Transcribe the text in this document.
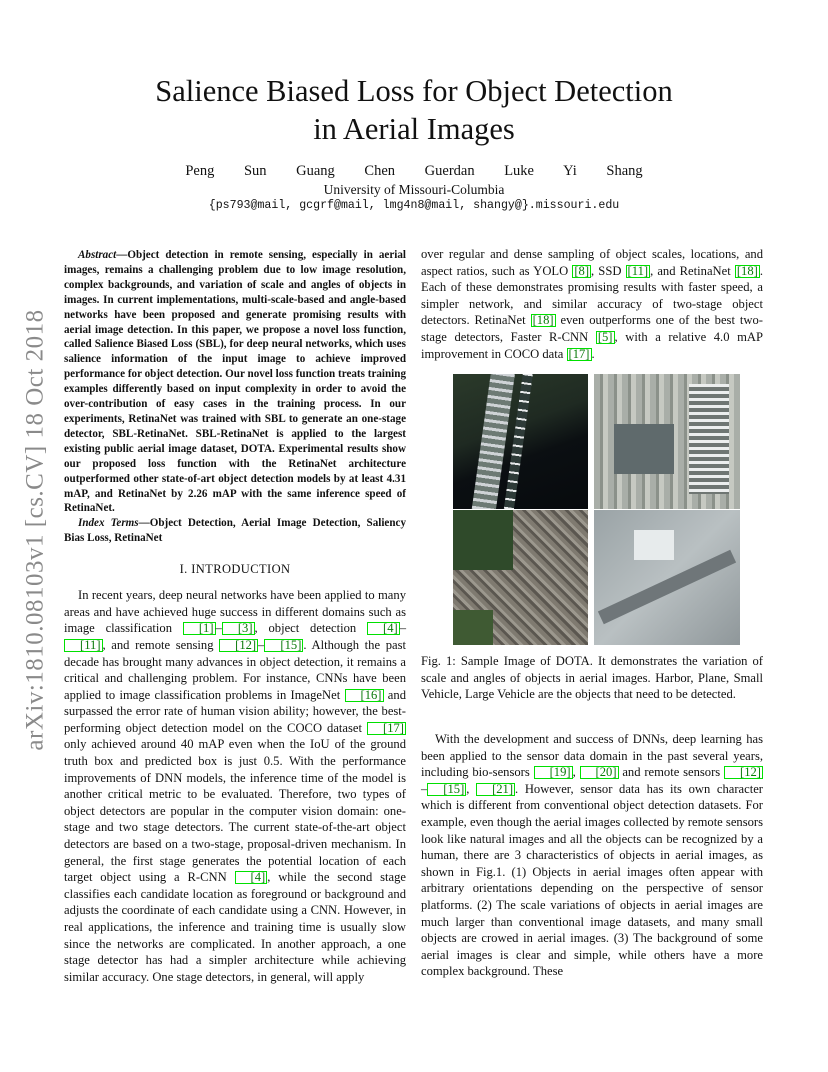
arXiv:1810.08103v1 [cs.CV] 18 Oct 2018
Salience Biased Loss for Object Detection
in Aerial Images
Peng Sun Guang Chen Guerdan Luke Yi Shang
University of Missouri-Columbia
{ps793@mail, gcgrf@mail, lmg4n8@mail, shangy@}.missouri.edu

Abstract—Object detection in remote sensing, especially in aerial images, remains a challenging problem due to low image resolution, complex backgrounds, and variation of scale and angles of objects in images. In current implementations, multi-scale-based and angle-based networks have been proposed and generate promising results with aerial image detection. In this paper, we propose a novel loss function, called Salience Biased Loss (SBL), for deep neural networks, which uses salience information of the input image to achieve improved performance for object detection. Our novel loss function treats training examples differently based on input complexity in order to avoid the over-contribution of easy cases in the training process. In our experiments, RetinaNet was trained with SBL to generate an one-stage detector, SBL-RetinaNet. SBL-RetinaNet is applied to the largest existing public aerial image dataset, DOTA. Experimental results show our proposed loss function with the RetinaNet architecture outperformed other state-of-art object detection models by at least 4.31 mAP, and RetinaNet by 2.26 mAP with the same inference speed of RetinaNet.

Index Terms—Object Detection, Aerial Image Detection, Saliency Bias Loss, RetinaNet

I. INTRODUCTION

In recent years, deep neural networks have been applied to many areas and have achieved huge success in different domains such as image classification [1] – [3] , object detection [4] –[11] , and remote sensing [12] – [15] . Although the past decade has brought many advances in object detection, it remains a critical and challenging problem. For instance, CNNs have been applied to image classification problems in ImageNet [16] and surpassed the error rate of human vision ability; however, the best-performing object detection model on the COCO dataset [17] only achieved around 40 mAP even when the IoU of the ground truth box and predicted box is just 0.5. With the performance improvements of DNN models, the inference time of the model is another critical metric to be evaluated. Therefore, two types of object detectors are popular in the computer vision domain: one-stage and two stage detectors. The current state-of-the-art object detectors are based on a two-stage, proposal-driven mechanism. In general, the first stage generates the potential location of each target object using a R-CNN [4] , while the second stage classifies each candidate location as foreground or background and adjusts the coordinate of each candidate using a CNN. However, in real applications, the inference and training time is usually slow since the networks are complicated. In another approach, a one stage detector has had a simpler architecture while achieving similar accuracy. One stage detectors, in general, will apply

over regular and dense sampling of object scales, locations, and aspect ratios, such as YOLO [8] , SSD [11] , and RetinaNet [18] . Each of these demonstrates promising results with faster speed, a simpler network, and similar accuracy of two-stage object detectors. RetinaNet [18] even outperforms one of the best two-stage detectors, Faster R-CNN [5] , with a relative 4.0 mAP improvement in COCO data [17] .

Fig. 1: Sample Image of DOTA. It demonstrates the variation of scale and angles of objects in aerial images. Harbor, Plane, Small Vehicle, Large Vehicle are the objects that need to be detected.

With the development and success of DNNs, deep learning has been applied to the sensor data domain in the past several years, including bio-sensors [19] , [20] and remote sensors [12]– [15] , [21] . However, sensor data has its own character which is different from conventional object detection datasets. For example, even though the aerial images collected by remote sensors look like natural images and all the objects can be recognized by a human, there are 3 characteristics of objects in aerial images, as shown in Fig.1. (1) Objects in aerial images often appear with arbitrary orientations depending on the perspective of sensor platforms. (2) The scale variations of objects in aerial images are much larger than conventional image datasets, and many small objects are crowed in aerial images. (3) The background of some aerial images is clear and simple, while others have a more complex background. These
